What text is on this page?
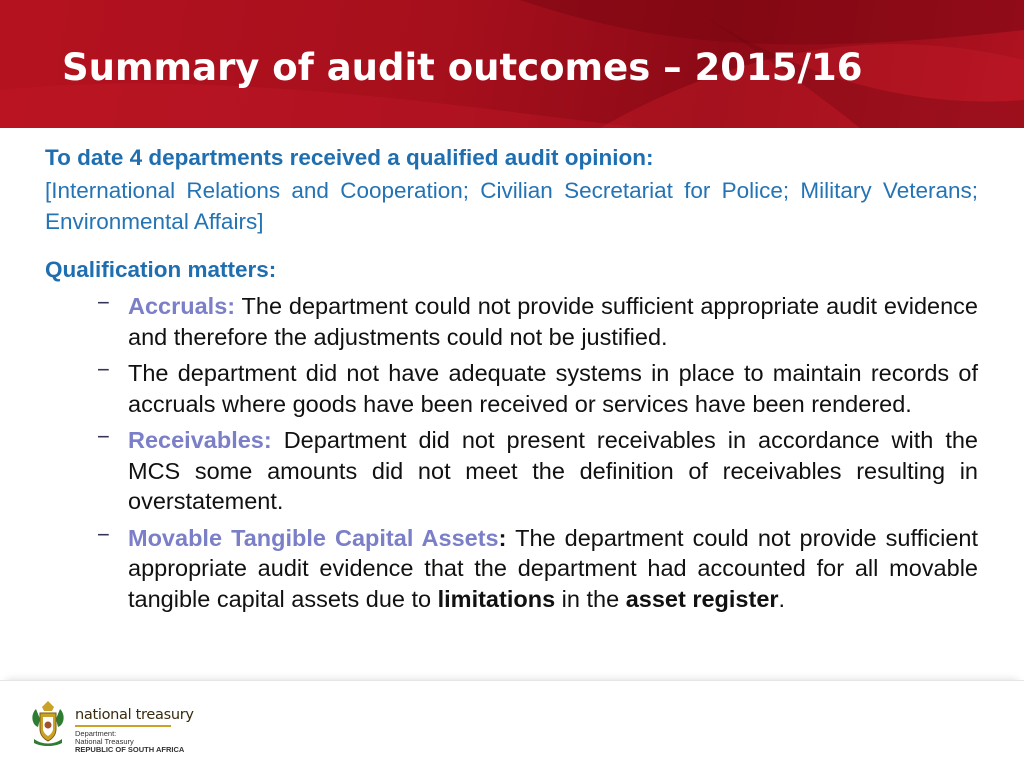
Summary of audit outcomes – 2015/16

To date 4 departments received a qualified audit opinion:

[International Relations and Cooperation; Civilian Secretariat for Police; Military Veterans; Environmental Affairs]

Qualification matters:

− Accruals: The department could not provide sufficient appropriate audit evidence and therefore the adjustments could not be justified.
− The department did not have adequate systems in place to maintain records of accruals where goods have been received or services have been rendered.
− Receivables: Department did not present receivables in accordance with the MCS some amounts did not meet the definition of receivables resulting in overstatement.
− Movable Tangible Capital Assets: The department could not provide sufficient appropriate audit evidence that the department had accounted for all movable tangible capital assets due to limitations in the asset register.
national treasury
Department:
National Treasury
REPUBLIC OF SOUTH AFRICA
